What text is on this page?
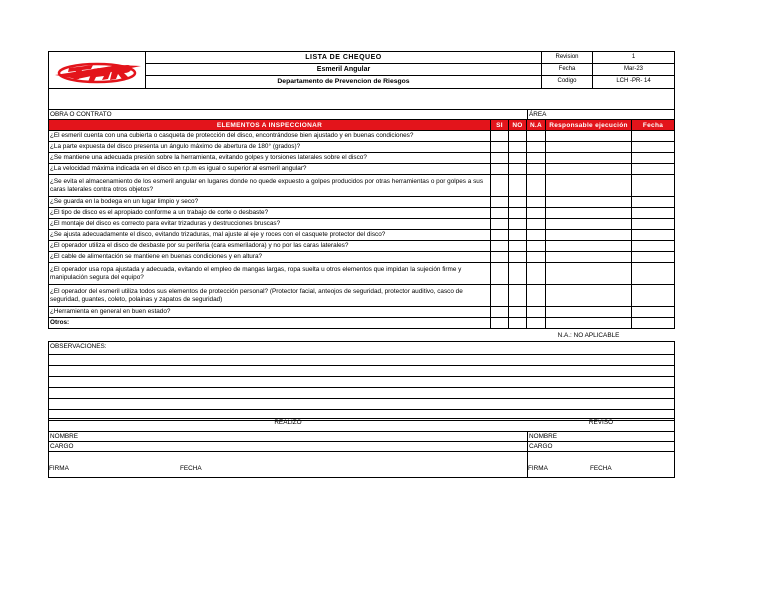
LISTA DE CHEQUEO
Esmeril Angular
Departamento de Prevencion de Riesgos
Revision	1
Fecha	Mar-23
Codigo	LCH -PR- 14
OBRA O CONTRATO	ÁREA
ELEMENTOS A INSPECCIONAR	SI	NO	N.A	Responsable ejecución	Fecha
¿El esmeril cuenta con una cubierta o casqueta de protección del disco, encontrándose bien ajustado y en buenas condiciones?
¿La parte expuesta del disco presenta un ángulo máximo de abertura de 180° (grados)?
¿Se mantiene una adecuada presión sobre la herramienta, evitando golpes y torsiones laterales sobre el disco?
¿La velocidad máxima indicada en el disco en r.p.m es igual o superior al esmeril angular?
¿Se evita el almacenamiento de los esmeril angular en lugares donde no quede expuesto a golpes producidos por otras herramientas o por golpes a sus caras laterales contra otros objetos?
¿Se guarda en la bodega en un lugar limpio y seco?
¿El tipo de disco es el apropiado conforme a un trabajo de corte o desbaste?
¿El montaje del disco es correcto para evitar trizaduras y destrucciones bruscas?
¿Se ajusta adecuadamente el disco, evitando trizaduras, mal ajuste al eje y roces con el casquete protector del disco?
¿El operador utiliza el disco de desbaste por su periferia (cara esmeriladora) y no por las caras laterales?
¿El cable de alimentación se mantiene en buenas condiciones y en altura?
¿El operador usa ropa ajustada y adecuada, evitando el empleo de mangas largas, ropa suelta u otros elementos que impidan la sujeción firme y manipulación segura del equipo?
¿El operador del esmeril utiliza todos sus elementos de protección personal? (Protector facial, anteojos de seguridad, protector auditivo, casco de seguridad, guantes, coleto, polainas y zapatos de seguridad)
¿Herramienta en general en buen estado?
Otros:
N.A.: NO APLICABLE
OBSERVACIONES:
REALIZÓ	REVISÓ
NOMBRE	NOMBRE
CARGO	CARGO
FIRMA	FECHA	FIRMA	FECHA
